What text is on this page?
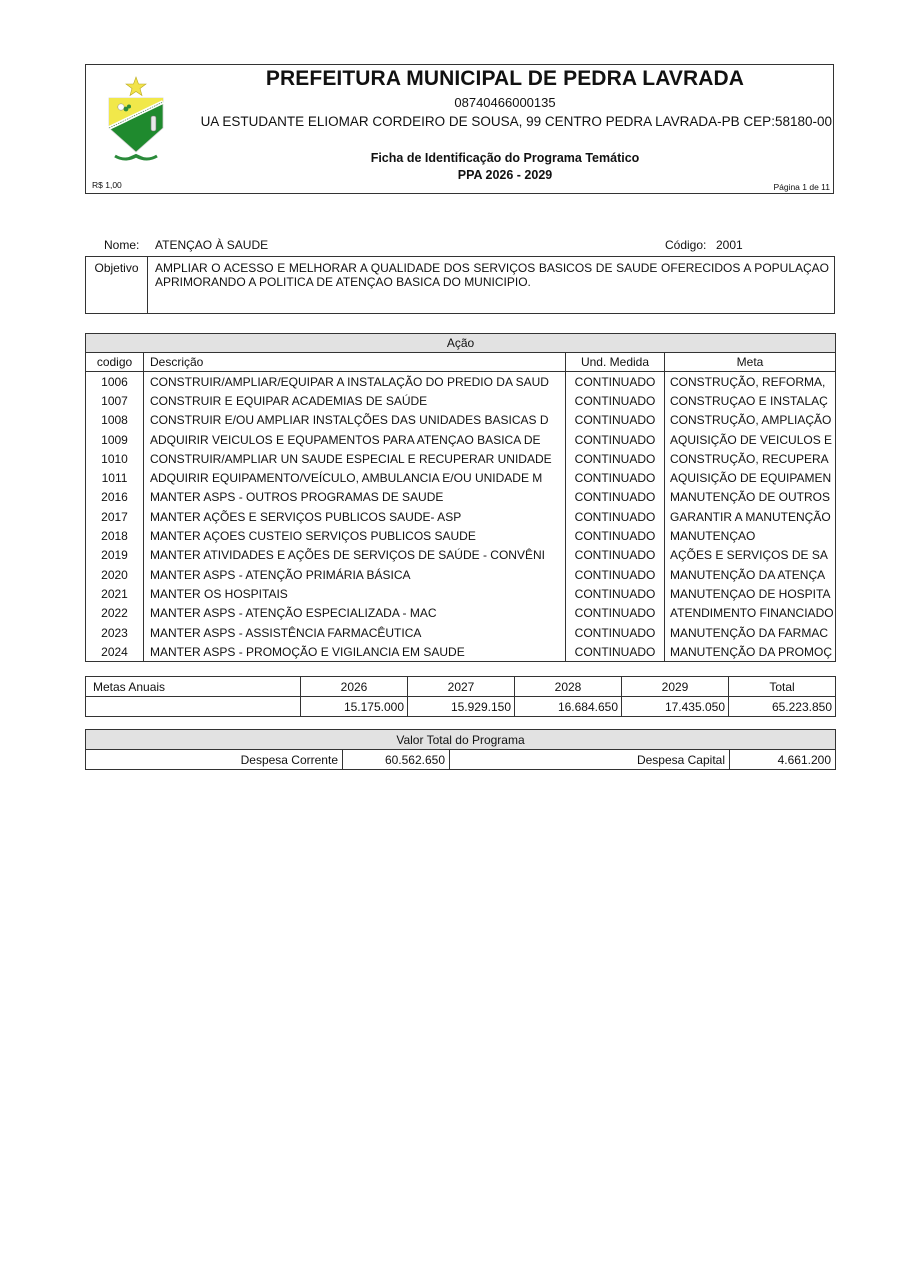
PREFEITURA MUNICIPAL DE PEDRA LAVRADA
08740466000135
UA ESTUDANTE ELIOMAR CORDEIRO DE SOUSA, 99 CENTRO PEDRA LAVRADA-PB CEP:58180-00
Ficha de Identificação do Programa Temático
PPA 2026 - 2029
R$ 1,00	Página 1 de 11
Nome: ATENÇAO À SAUDE	Código: 2001
Objetivo	AMPLIAR O ACESSO E MELHORAR A QUALIDADE DOS SERVIÇOS BASICOS DE SAUDE OFERECIDOS A POPULAÇAO APRIMORANDO A POLITICA DE ATENÇAO BASICA DO MUNICIPIO.
Ação			
codigo	Descrição	Und. Medida	Meta
1006	CONSTRUIR/AMPLIAR/EQUIPAR A INSTALAÇÃO DO PREDIO DA SAUD	CONTINUADO	CONSTRUÇÃO, REFORMA,
1007	CONSTRUIR E EQUIPAR ACADEMIAS DE SAÚDE	CONTINUADO	CONSTRUÇAO E INSTALAÇ
1008	CONSTRUIR E/OU AMPLIAR INSTALÇÕES DAS UNIDADES BASICAS D	CONTINUADO	CONSTRUÇÃO, AMPLIAÇÃO
1009	ADQUIRIR VEICULOS E EQUPAMENTOS PARA ATENÇAO BASICA DE	CONTINUADO	AQUISIÇÃO DE VEICULOS E
1010	CONSTRUIR/AMPLIAR UN SAUDE ESPECIAL E RECUPERAR UNIDADE	CONTINUADO	CONSTRUÇÃO, RECUPERA
1011	ADQUIRIR EQUIPAMENTO/VEÍCULO, AMBULANCIA E/OU UNIDADE M	CONTINUADO	AQUISIÇÃO DE EQUIPAMEN
2016	MANTER ASPS - OUTROS PROGRAMAS DE SAUDE	CONTINUADO	MANUTENÇÃO DE OUTROS
2017	MANTER AÇÕES E SERVIÇOS PUBLICOS SAUDE- ASP	CONTINUADO	GARANTIR A MANUTENÇÃO
2018	MANTER AÇOES CUSTEIO SERVIÇOS PUBLICOS SAUDE	CONTINUADO	MANUTENÇAO
2019	MANTER ATIVIDADES E AÇÕES DE SERVIÇOS DE SAÚDE - CONVÊNI	CONTINUADO	AÇÕES E SERVIÇOS DE SA
2020	MANTER ASPS - ATENÇÃO PRIMÁRIA BÁSICA	CONTINUADO	MANUTENÇÃO DA ATENÇA
2021	MANTER OS HOSPITAIS	CONTINUADO	MANUTENÇAO DE HOSPITA
2022	MANTER ASPS - ATENÇÃO ESPECIALIZADA - MAC	CONTINUADO	ATENDIMENTO FINANCIADO
2023	MANTER ASPS - ASSISTÊNCIA FARMACÊUTICA	CONTINUADO	MANUTENÇÃO DA FARMAC
2024	MANTER ASPS - PROMOÇÃO E VIGILANCIA EM SAUDE	CONTINUADO	MANUTENÇÃO DA PROMOÇ
Metas Anuais	2026	2027	2028	2029	Total
	15.175.000	15.929.150	16.684.650	17.435.050	65.223.850
Valor Total do Programa
Despesa Corrente	60.562.650	Despesa Capital	4.661.200
